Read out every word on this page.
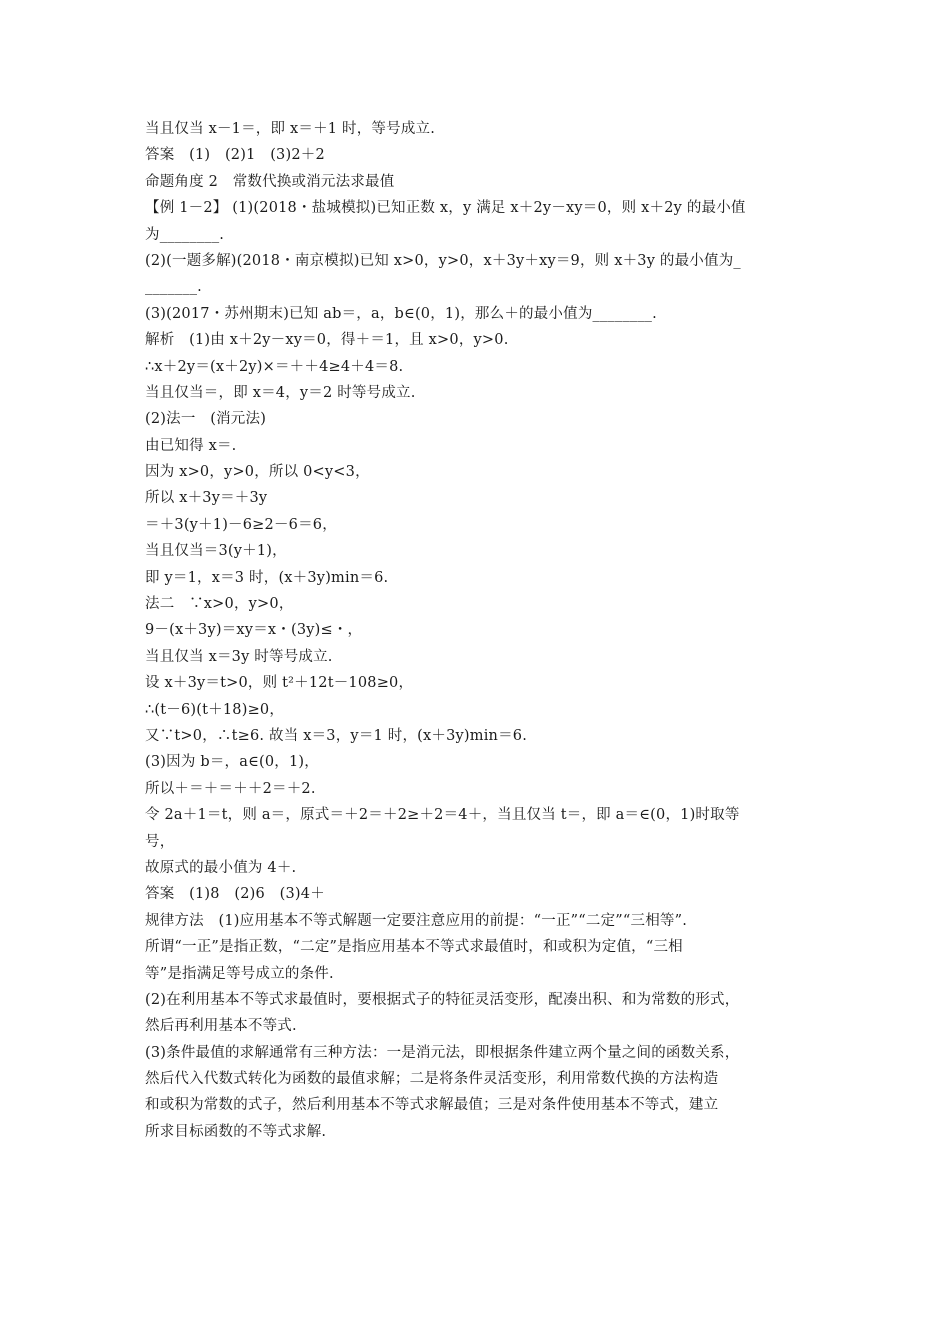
当且仅当 x－1＝，即 x＝＋1 时，等号成立.
答案　(1)　(2)1　(3)2＋2
命题角度 2　常数代换或消元法求最值
【例 1－2】 (1)(2018・盐城模拟)已知正数 x，y 满足 x＋2y－xy＝0，则 x＋2y 的最小值
为________.
(2)(一题多解)(2018・南京模拟)已知 x>0，y>0，x＋3y＋xy＝9，则 x＋3y 的最小值为_
_______.
(3)(2017・苏州期末)已知 ab＝，a，b∈(0，1)，那么＋的最小值为________.
解析　(1)由 x＋2y－xy＝0，得＋＝1，且 x>0，y>0.
∴x＋2y＝(x＋2y)×＝＋＋4≥4＋4＝8.
当且仅当＝，即 x＝4，y＝2 时等号成立.
(2)法一　(消元法)
由已知得 x＝.
因为 x>0，y>0，所以 0<y<3，
所以 x＋3y＝＋3y
＝＋3(y＋1)－6≥2－6＝6，
当且仅当＝3(y＋1)，
即 y＝1，x＝3 时，(x＋3y)min＝6.
法二　∵x>0，y>0，
9－(x＋3y)＝xy＝x・(3y)≤・，
当且仅当 x＝3y 时等号成立.
设 x＋3y＝t>0，则 t²＋12t－108≥0，
∴(t－6)(t＋18)≥0，
又∵t>0，∴t≥6. 故当 x＝3，y＝1 时，(x＋3y)min＝6.
(3)因为 b＝，a∈(0，1)，
所以＋＝＋＝＋＋2＝＋2.
令 2a＋1＝t，则 a＝，原式＝＋2＝＋2≥＋2＝4＋，当且仅当 t＝，即 a＝∈(0，1)时取等
号，
故原式的最小值为 4＋.
答案　(1)8　(2)6　(3)4＋
规律方法　(1)应用基本不等式解题一定要注意应用的前提：“一正”“二定”“三相等”.
所谓“一正”是指正数，“二定”是指应用基本不等式求最值时，和或积为定值，“三相
等”是指满足等号成立的条件.
(2)在利用基本不等式求最值时，要根据式子的特征灵活变形，配凑出积、和为常数的形式，
然后再利用基本不等式.
(3)条件最值的求解通常有三种方法：一是消元法，即根据条件建立两个量之间的函数关系，
然后代入代数式转化为函数的最值求解；二是将条件灵活变形，利用常数代换的方法构造
和或积为常数的式子，然后利用基本不等式求解最值；三是对条件使用基本不等式，建立
所求目标函数的不等式求解.
